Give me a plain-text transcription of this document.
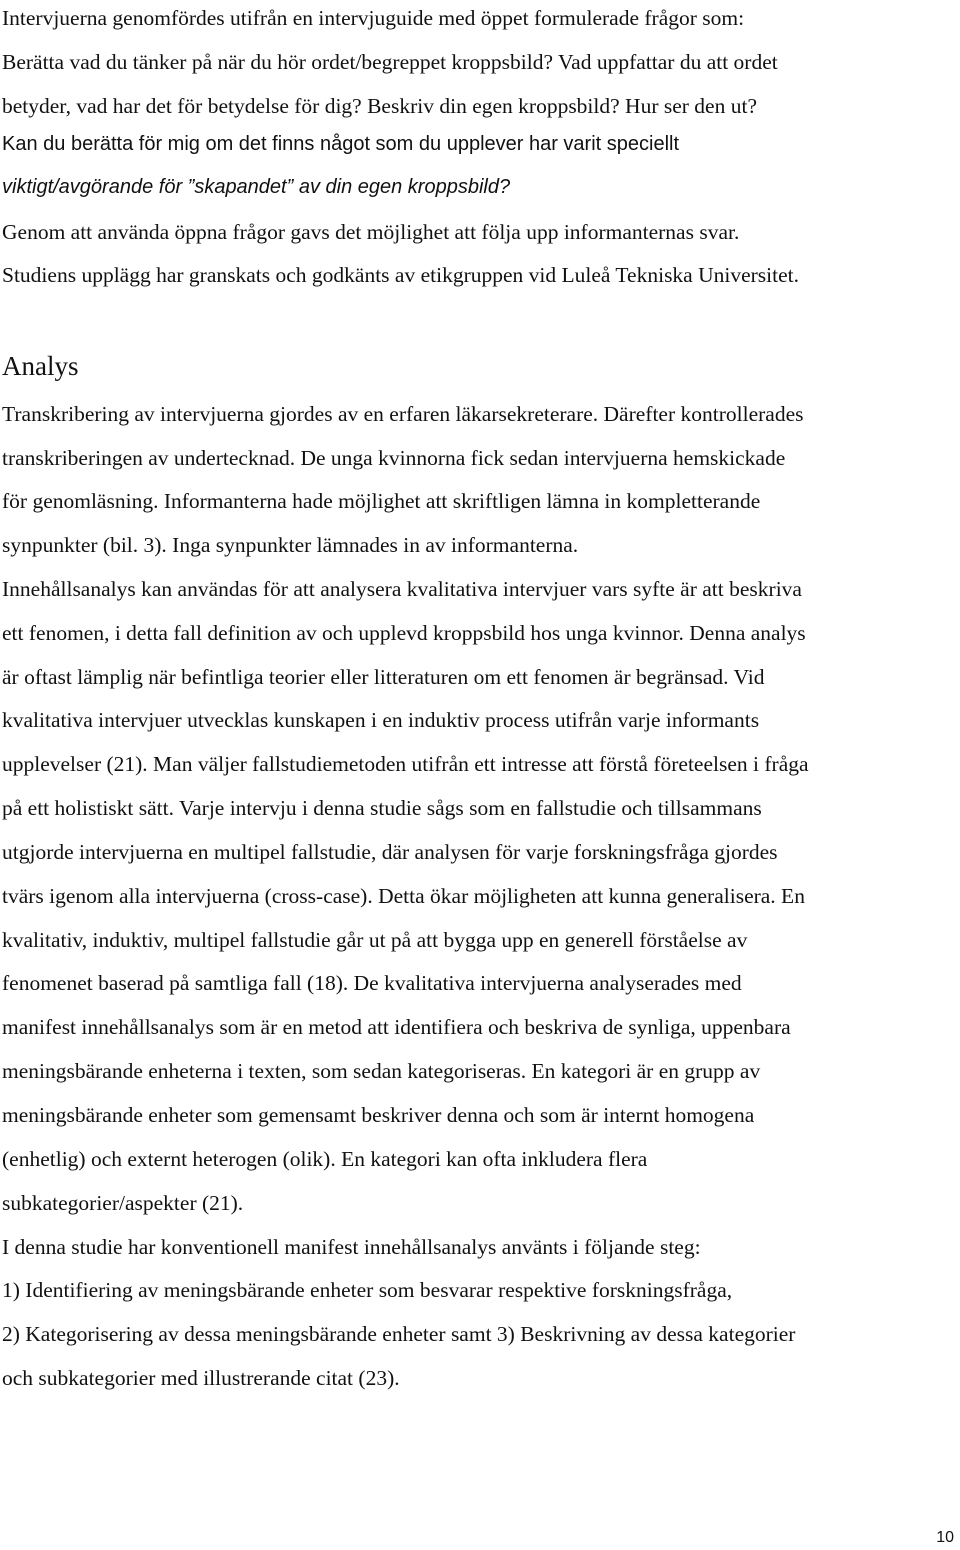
Intervjuerna genomfördes utifrån en intervjuguide med öppet formulerade frågor som:
Berätta vad du tänker på när du hör ordet/begreppet kroppsbild? Vad uppfattar du att ordet
betyder, vad har det för betydelse för dig? Beskriv din egen kroppsbild? Hur ser den ut?
Kan du berätta för mig om det finns något som du upplever har varit speciellt
viktigt/avgörande för ”skapandet” av din egen kroppsbild?
Genom att använda öppna frågor gavs det möjlighet att följa upp informanternas svar.
Studiens upplägg har granskats och godkänts av etikgruppen vid Luleå Tekniska Universitet.
Analys
Transkribering av intervjuerna gjordes av en erfaren läkarsekreterare. Därefter kontrollerades
transkriberingen av undertecknad. De unga kvinnorna fick sedan intervjuerna hemskickade
för genomläsning. Informanterna hade möjlighet att skriftligen lämna in kompletterande
synpunkter (bil. 3). Inga synpunkter lämnades in av informanterna.
Innehållsanalys kan användas för att analysera kvalitativa intervjuer vars syfte är att beskriva
ett fenomen, i detta fall definition av och upplevd kroppsbild hos unga kvinnor. Denna analys
är oftast lämplig när befintliga teorier eller litteraturen om ett fenomen är begränsad. Vid
kvalitativa intervjuer utvecklas kunskapen i en induktiv process utifrån varje informants
upplevelser (21). Man väljer fallstudiemetoden utifrån ett intresse att förstå företeelsen i fråga
på ett holistiskt sätt. Varje intervju i denna studie sågs som en fallstudie och tillsammans
utgjorde intervjuerna en multipel fallstudie, där analysen för varje forskningsfråga gjordes
tvärs igenom alla intervjuerna (cross-case). Detta ökar möjligheten att kunna generalisera. En
kvalitativ, induktiv, multipel fallstudie går ut på att bygga upp en generell förståelse av
fenomenet baserad på samtliga fall (18). De kvalitativa intervjuerna analyserades med
manifest innehållsanalys som är en metod att identifiera och beskriva de synliga, uppenbara
meningsbärande enheterna i texten, som sedan kategoriseras. En kategori är en grupp av
meningsbärande enheter som gemensamt beskriver denna och som är internt homogena
(enhetlig) och externt heterogen (olik). En kategori kan ofta inkludera flera
subkategorier/aspekter (21).
I denna studie har konventionell manifest innehållsanalys använts i följande steg:
1) Identifiering av meningsbärande enheter som besvarar respektive forskningsfråga,
2) Kategorisering av dessa meningsbärande enheter samt 3) Beskrivning av dessa kategorier
och subkategorier med illustrerande citat (23).
10
